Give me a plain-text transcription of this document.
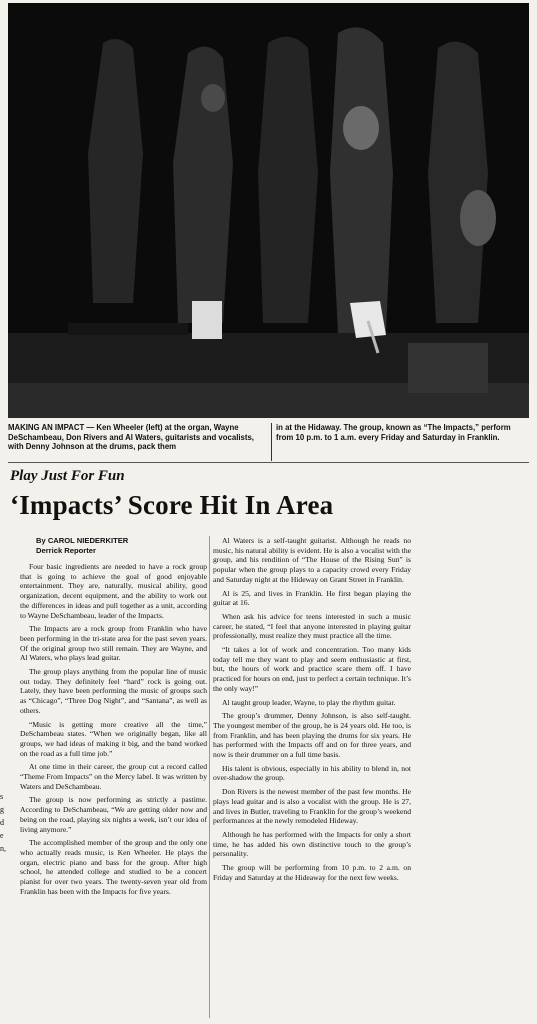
MAKING AN IMPACT — Ken Wheeler (left) at the organ, Wayne DeSchambeau, Don Rivers and Al Waters, guitarists and vocalists, with Denny Johnson at the drums, pack them
in at the Hidaway. The group, known as “The Impacts,” perform from 10 p.m. to 1 a.m. every Friday and Saturday in Franklin.
Play Just For Fun
‘Impacts’ Score Hit In Area
s
g
d
e
n,
By CAROL NIEDERKITER
Derrick Reporter

Four basic ingredients are needed to have a rock group that is going to achieve the goal of good enjoyable entertainment. They are, naturally, musical ability, good organization, decent equipment, and the ability to work out the differences in ideas and pull together as a unit, according to Wayne DeSchambeau, leader of the Impacts.

The Impacts are a rock group from Franklin who have been performing in the tri-state area for the past seven years. Of the original group two still remain. They are Wayne, and Al Waters, who plays lead guitar.

The group plays anything from the popular line of music out today. They definitely feel “hard” rock is going out. Lately, they have been performing the music of groups such as “Chicago”, “Three Dog Night”, and “Santana”, as well as others.

“Music is getting more creative all the time,” DeSchambeau states. “When we originally began, like all groups, we had ideas of making it big, and the band worked on the road as a full time job.”

At one time in their career, the group cut a record called “Theme From Impacts” on the Mercy label. It was written by Waters and DeSchambeau.

The group is now performing as strictly a pastime. According to DeSchambeau, “We are getting older now and being on the road, playing six nights a week, isn’t our idea of living anymore.”

The accomplished member of the group and the only one who actually reads music, is Ken Wheeler. He plays the organ, electric piano and bass for the group. After high school, he attended college and studied to be a concert pianist for over two years. The twenty-seven year old from Franklin has been with the Impacts for five years.

Al Waters is a self-taught guitarist. Although he reads no music, his natural ability is evident. He is also a vocalist with the group, and his rendition of “The House of the Rising Sun” is popular when the group plays to a capacity crowd every Friday and Saturday night at the Hideway on Grant Street in Franklin.

Al is 25, and lives in Franklin. He first began playing the guitar at 16.

When ask his advice for teens interested in such a music career, he stated, “I feel that anyone interested in playing guitar professionally, must realize they must practice all the time.

“It takes a lot of work and concentration. Too many kids today tell me they want to play and seem enthusiastic at first, but, the hours of work and practice scare them off. I have practiced for hours on end, just to perfect a certain technique. It’s the only way!”

Al taught group leader, Wayne, to play the rhythm guitar.

The group’s drummer, Denny Johnson, is also self-taught. The youngest member of the group, he is 24 years old. He too, is from Franklin, and has been playing the drums for six years. He has performed with the Impacts off and on for three years, and now is their drummer on a full time basis.

His talent is obvious, especially in his ability to blend in, not over-shadow the group.

Don Rivers is the newest member of the past few months. He plays lead guitar and is also a vocalist with the group. He is 27, and lives in Butler, traveling to Franklin for the group’s weekend performances at the newly remodeled Hideway.

Although he has performed with the Impacts for only a short time, he has added his own distinctive touch to the group’s personality.

The group will be performing from 10 p.m. to 2 a.m. on Friday and Saturday at the Hideaway for the next few weeks.
